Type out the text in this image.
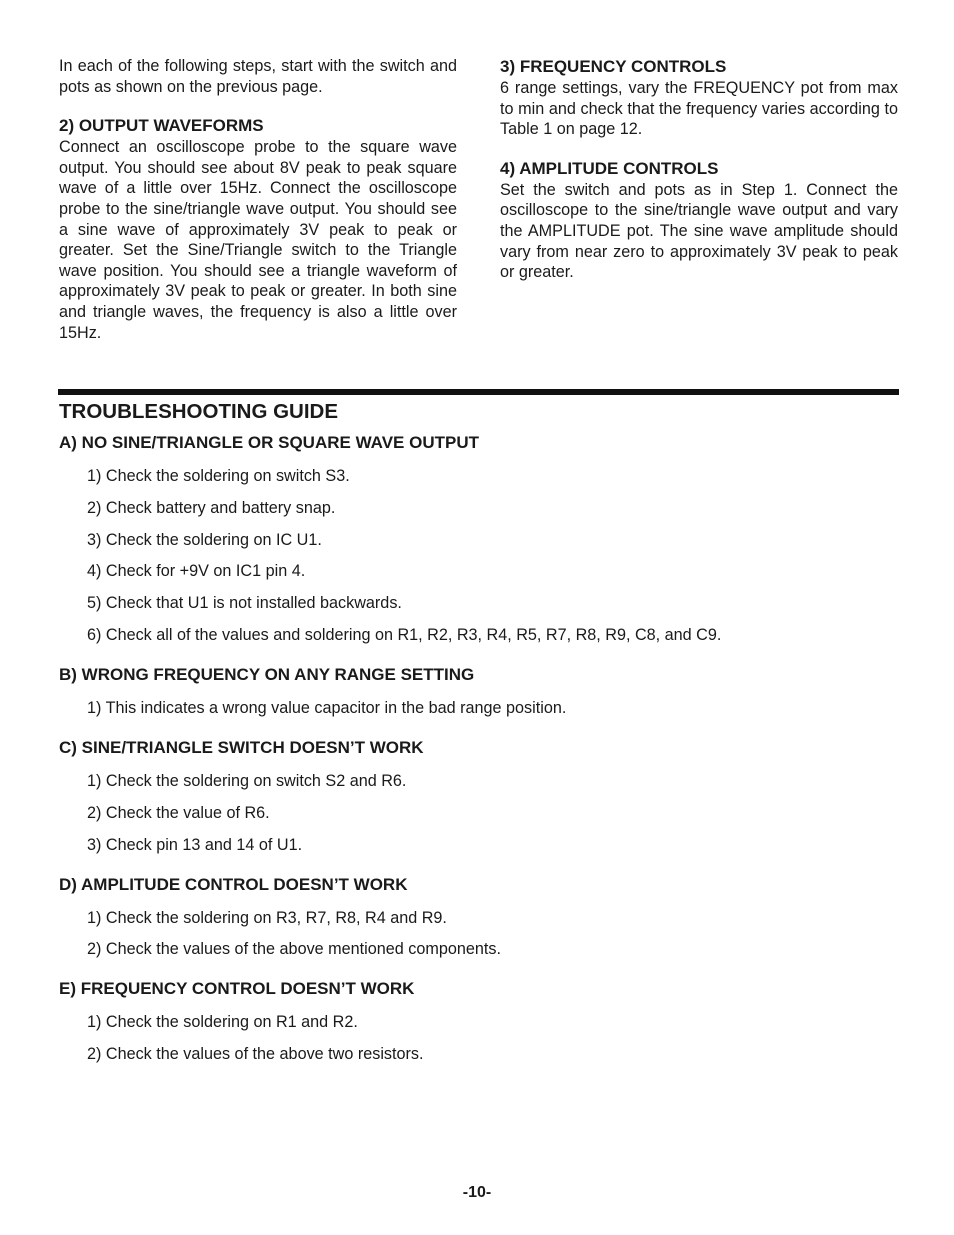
In each of the following steps, start with the switch and pots as shown on the previous page.

2) OUTPUT WAVEFORMS

Connect an oscilloscope probe to the square wave output. You should see about 8V peak to peak square wave of a little over 15Hz. Connect the oscilloscope probe to the sine/triangle wave output. You should see a sine wave of approximately 3V peak to peak or greater. Set the Sine/Triangle switch to the Triangle wave position. You should see a triangle waveform of approximately 3V peak to peak or greater. In both sine and triangle waves, the frequency is also a little over 15Hz.

3) FREQUENCY CONTROLS

6 range settings, vary the FREQUENCY pot from max to min and check that the frequency varies according to Table 1 on page 12.

4) AMPLITUDE CONTROLS

Set the switch and pots as in Step 1. Connect the oscilloscope to the sine/triangle wave output and vary the AMPLITUDE pot. The sine wave amplitude should vary from near zero to approximately 3V peak to peak or greater.

TROUBLESHOOTING GUIDE
A) NO SINE/TRIANGLE OR SQUARE WAVE OUTPUT
1) Check the soldering on switch S3.
2) Check battery and battery snap.
3) Check the soldering on IC U1.
4) Check for +9V on IC1 pin 4.
5) Check that U1 is not installed backwards.
6) Check all of the values and soldering on R1, R2, R3, R4, R5, R7, R8, R9, C8, and C9.
B) WRONG FREQUENCY ON ANY RANGE SETTING
1) This indicates a wrong value capacitor in the bad range position.
C) SINE/TRIANGLE SWITCH DOESN’T WORK
1) Check the soldering on switch S2 and R6.
2) Check the value of R6.
3) Check pin 13 and 14 of U1.
D) AMPLITUDE CONTROL DOESN’T WORK
1) Check the soldering on R3, R7, R8, R4 and R9.
2) Check the values of the above mentioned components.
E) FREQUENCY CONTROL DOESN’T WORK
1) Check the soldering on R1 and R2.
2) Check the values of the above two resistors.
-10-
